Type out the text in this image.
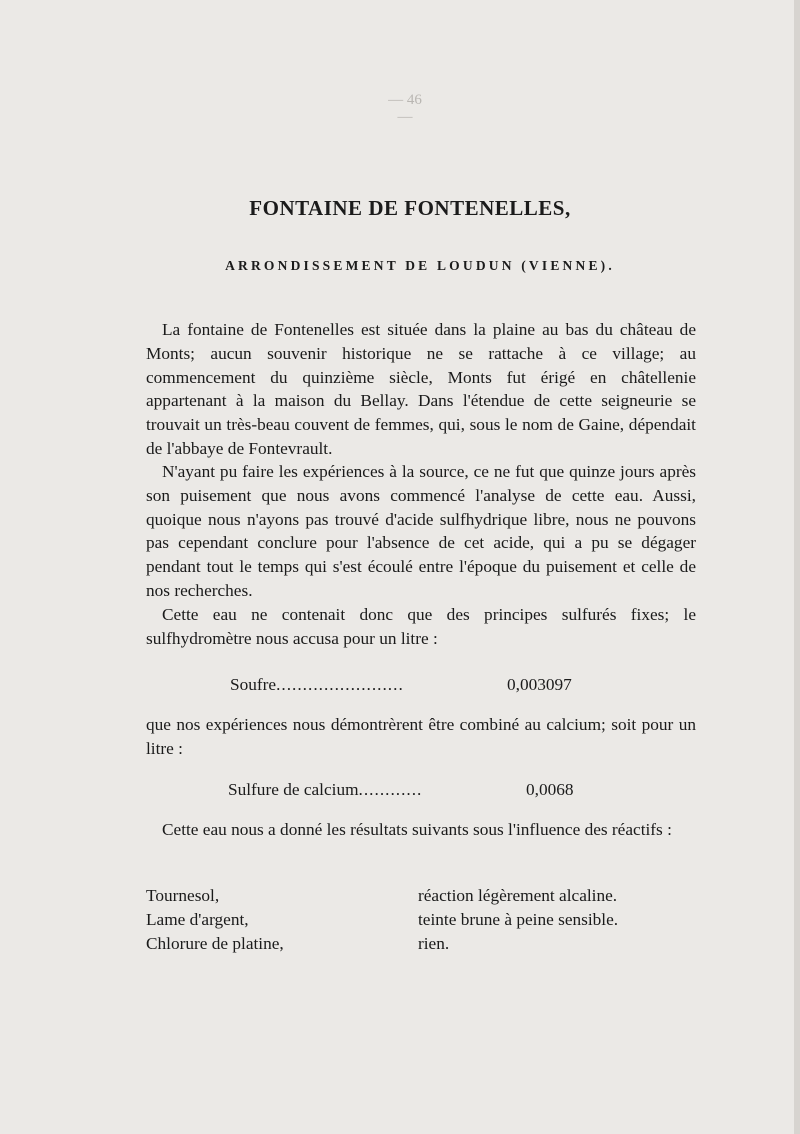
— 46 —
FONTAINE DE FONTENELLES,
ARRONDISSEMENT DE LOUDUN (VIENNE).
La fontaine de Fontenelles est située dans la plaine au bas du château de Monts; aucun souvenir historique ne se rattache à ce village; au commencement du quinzième siècle, Monts fut érigé en châtellenie appartenant à la maison du Bellay. Dans l'étendue de cette seigneurie se trouvait un très-beau couvent de femmes, qui, sous le nom de Gaine, dépendait de l'abbaye de Fontevrault.
N'ayant pu faire les expériences à la source, ce ne fut que quinze jours après son puisement que nous avons commencé l'analyse de cette eau. Aussi, quoique nous n'ayons pas trouvé d'acide sulfhydrique libre, nous ne pouvons pas cependant conclure pour l'absence de cet acide, qui a pu se dégager pendant tout le temps qui s'est écoulé entre l'époque du puisement et celle de nos recherches.
Cette eau ne contenait donc que des principes sulfurés fixes; le sulfhydromètre nous accusa pour un litre :
Soufre........................	0,003097
que nos expériences nous démontrèrent être combiné au calcium; soit pour un litre :
Sulfure de calcium............	0,0068
Cette eau nous a donné les résultats suivants sous l'influence des réactifs :
Tournesol,	réaction légèrement alcaline.
Lame d'argent,	teinte brune à peine sensible.
Chlorure de platine,	rien.
